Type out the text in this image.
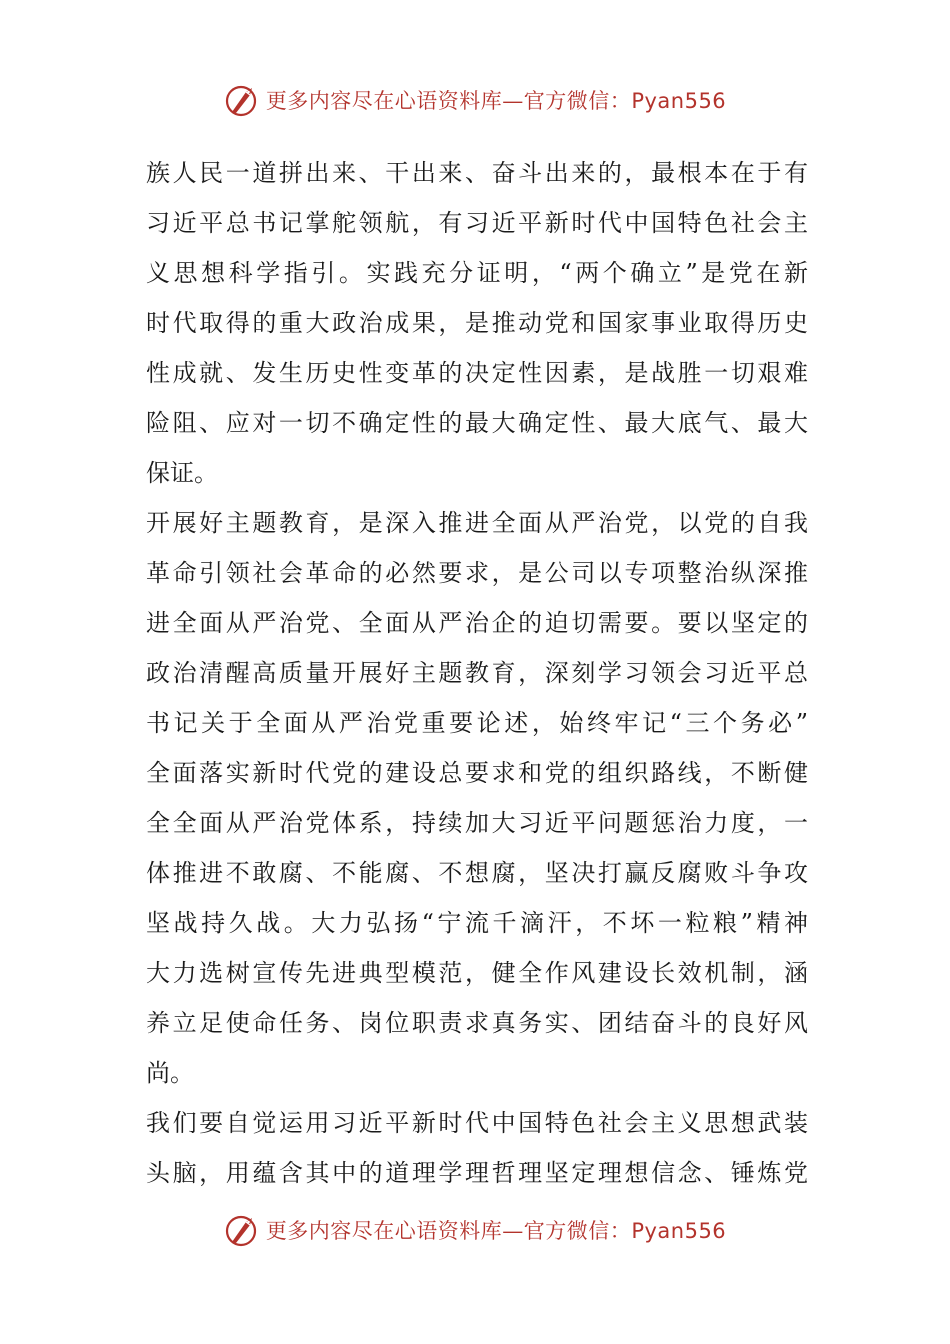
更多内容尽在心语资料库—官方微信：Pyan556
族人民一道拼出来、干出来、奋斗出来的，最根本在于有
习近平总书记掌舵领航，有习近平新时代中国特色社会主
义思想科学指引。实践充分证明，“两个确立”是党在新
时代取得的重大政治成果，是推动党和国家事业取得历史
性成就、发生历史性变革的决定性因素，是战胜一切艰难
险阻、应对一切不确定性的最大确定性、最大底气、最大
保证。
开展好主题教育，是深入推进全面从严治党，以党的自我
革命引领社会革命的必然要求，是公司以专项整治纵深推
进全面从严治党、全面从严治企的迫切需要。要以坚定的
政治清醒高质量开展好主题教育，深刻学习领会习近平总
书记关于全面从严治党重要论述，始终牢记“三个务必”
全面落实新时代党的建设总要求和党的组织路线，不断健
全全面从严治党体系，持续加大习近平问题惩治力度，一
体推进不敢腐、不能腐、不想腐，坚决打赢反腐败斗争攻
坚战持久战。大力弘扬“宁流千滴汗，不坏一粒粮”精神
大力选树宣传先进典型模范，健全作风建设长效机制，涵
养立足使命任务、岗位职责求真务实、团结奋斗的良好风
尚。
我们要自觉运用习近平新时代中国特色社会主义思想武装
头脑，用蕴含其中的道理学理哲理坚定理想信念、锤炼党
更多内容尽在心语资料库—官方微信：Pyan556
